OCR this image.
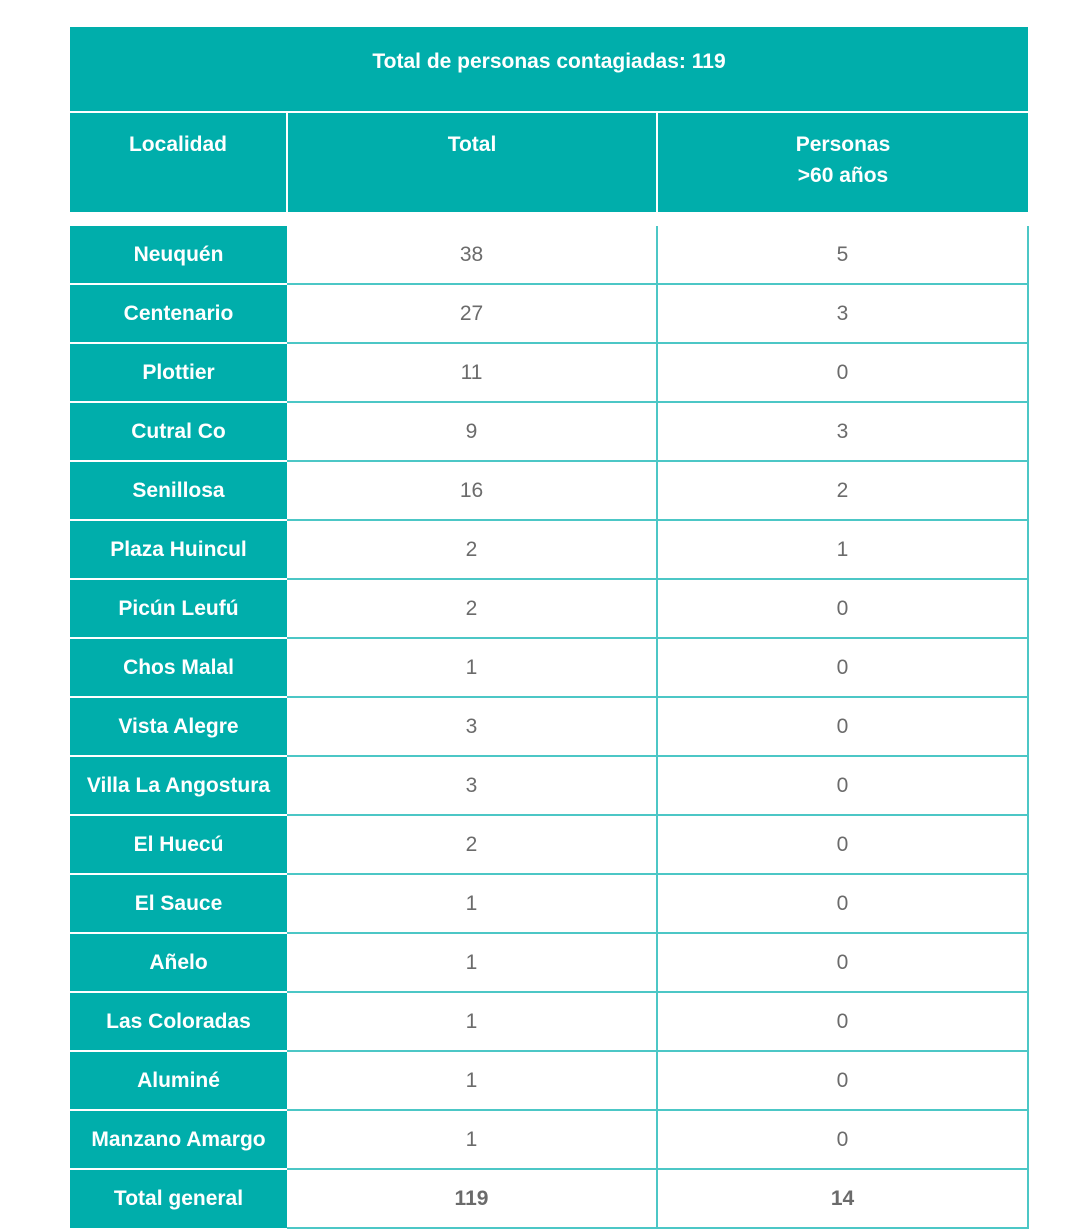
Total de personas contagiadas: 119		
Localidad	Total	Personas
>60 años
Neuquén	38	5
Centenario	27	3
Plottier	11	0
Cutral Co	9	3
Senillosa	16	2
Plaza Huincul	2	1
Picún Leufú	2	0
Chos Malal	1	0
Vista Alegre	3	0
Villa La Angostura	3	0
El Huecú	2	0
El Sauce	1	0
Añelo	1	0
Las Coloradas	1	0
Aluminé	1	0
Manzano Amargo	1	0
Total general	119	14
